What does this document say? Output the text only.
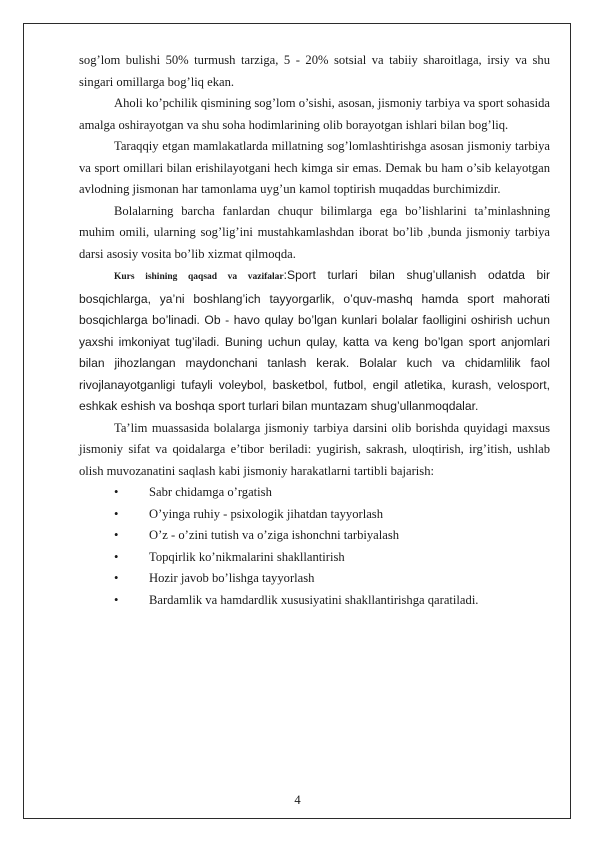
sog’lom bulishi 50% turmush tarziga, 5 - 20% sotsial va tabiiy sharoitlaga, irsiy va shu singari omillarga bog’liq ekan.

Aholi ko’pchilik qismining sog’lom o’sishi, asosan, jismoniy tarbiya va sport sohasida amalga oshirayotgan va shu soha hodimlarining olib borayotgan ishlari bilan bog’liq.

Taraqqiy etgan mamlakatlarda millatning sog’lomlashtirishga asosan jismoniy tarbiya va sport omillari bilan erishilayotgani hech kimga sir emas. Demak bu ham o’sib kelayotgan avlodning jismonan har tamonlama uyg’un kamol toptirish muqaddas burchimizdir.

Bolalarning barcha fanlardan chuqur bilimlarga ega bo’lishlarini ta’minlashning muhim omili, ularning sog’lig’ini mustahkamlashdan iborat bo’lib ,bunda jismoniy tarbiya darsi asosiy vosita bo’lib xizmat qilmoqda.

Kurs ishining qaqsad va vazifalar:Sport turlari bilan shug’ullanish odatda bir bosqichlarga, ya’ni boshlang’ich tayyorgarlik, o’quv-mashq hamda sport mahorati bosqichlarga bo’linadi. Ob - havo qulay bo’lgan kunlari bolalar faolligini oshirish uchun yaxshi imkoniyat tug’iladi. Buning uchun qulay, katta va keng bo’lgan sport anjomlari bilan jihozlangan maydonchani tanlash kerak. Bolalar kuch va chidamlilik faol rivojlanayotganligi tufayli voleybol, basketbol, futbol, engil atletika, kurash, velosport, eshkak eshish va boshqa sport turlari bilan muntazam shug’ullanmoqdalar.

Ta’lim muassasida bolalarga jismoniy tarbiya darsini olib borishda quyidagi maxsus jismoniy sifat va qoidalarga e’tibor beriladi: yugirish, sakrash, uloqtirish, irg’itish, ushlab olish muvozanatini saqlash kabi jismoniy harakatlarni tartibli bajarish:

• Sabr chidamga o’rgatish
• O’yinga ruhiy - psixologik jihatdan tayyorlash
• O’z - o’zini tutish va o’ziga ishonchni tarbiyalash
• Topqirlik ko’nikmalarini shakllantirish
• Hozir javob bo’lishga tayyorlash
• Bardamlik va hamdardlik xususiyatini shakllantirishga qaratiladi.
4
